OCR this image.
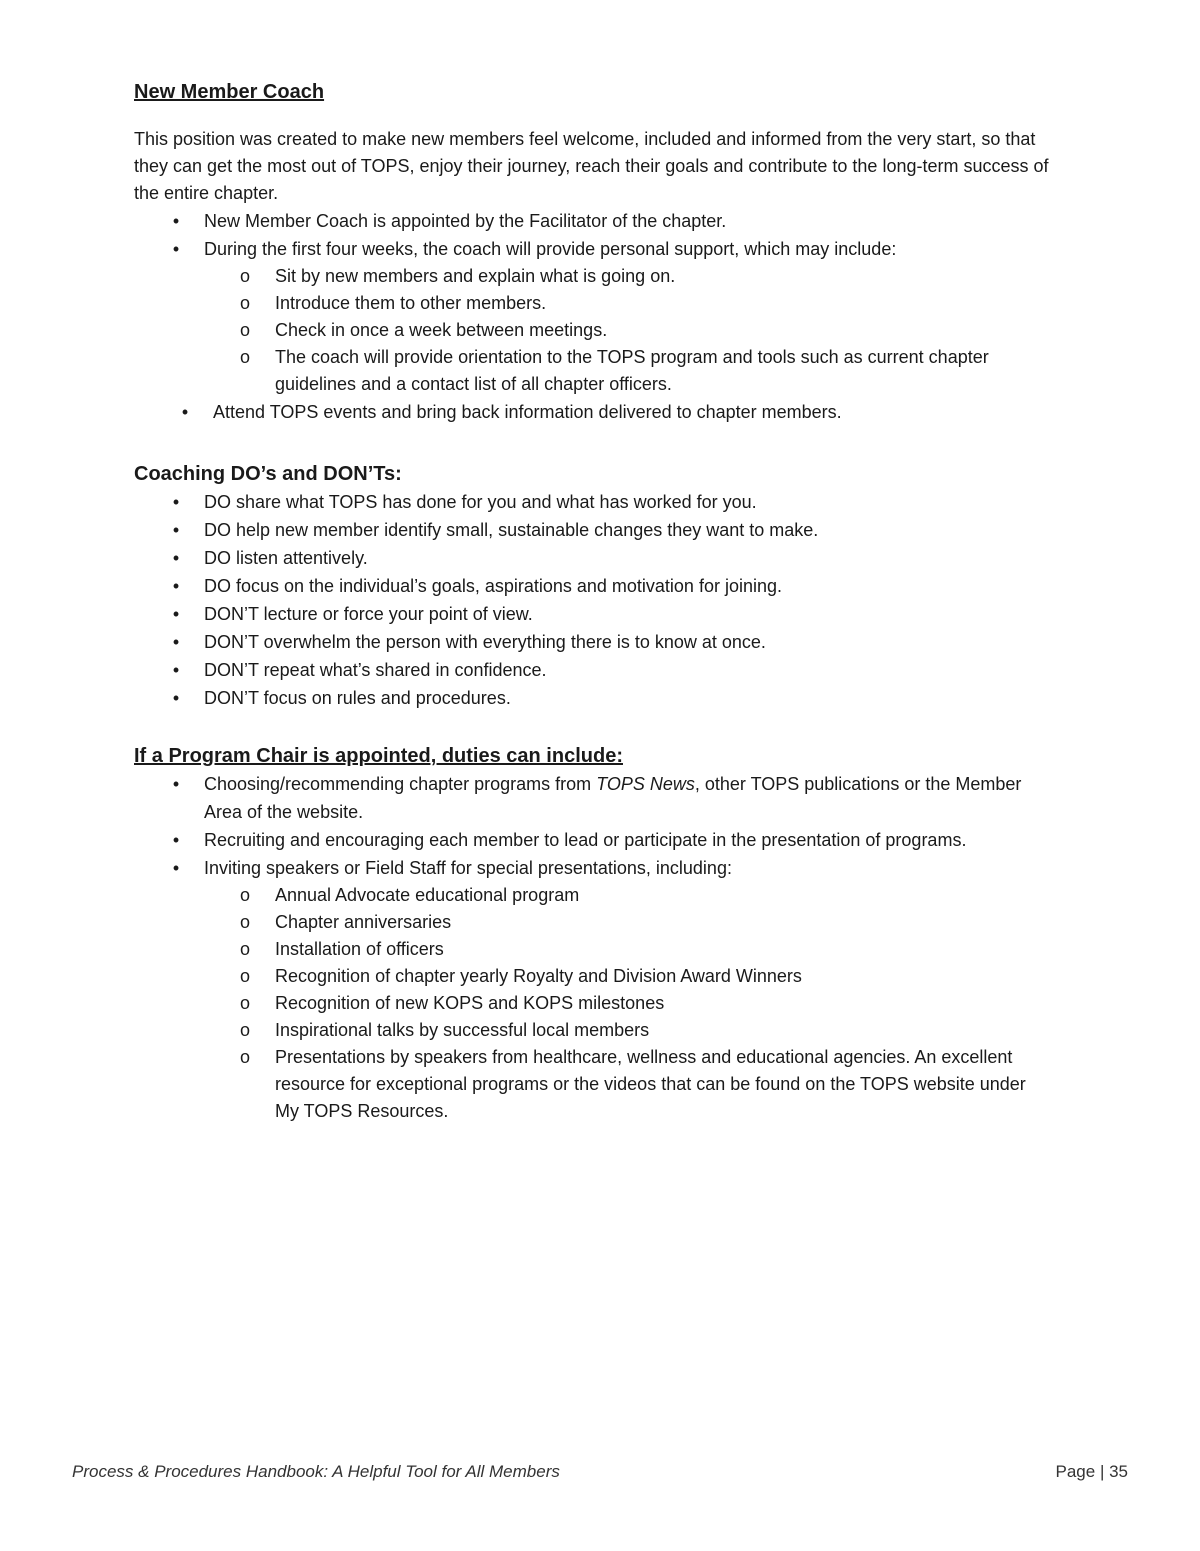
New Member Coach

This position was created to make new members feel welcome, included and informed from the very start, so that they can get the most out of TOPS, enjoy their journey, reach their goals and contribute to the long-term success of the entire chapter.

• New Member Coach is appointed by the Facilitator of the chapter.
• During the first four weeks, the coach will provide personal support, which may include:
o Sit by new members and explain what is going on.
o Introduce them to other members.
o Check in once a week between meetings.
o The coach will provide orientation to the TOPS program and tools such as current chapter guidelines and a contact list of all chapter officers.
• Attend TOPS events and bring back information delivered to chapter members.
Coaching DO’s and DON’Ts:
• DO share what TOPS has done for you and what has worked for you.
• DO help new member identify small, sustainable changes they want to make.
• DO listen attentively.
• DO focus on the individual’s goals, aspirations and motivation for joining.
• DON’T lecture or force your point of view.
• DON’T overwhelm the person with everything there is to know at once.
• DON’T repeat what’s shared in confidence.
• DON’T focus on rules and procedures.
If a Program Chair is appointed, duties can include:
• Choosing/recommending chapter programs from TOPS News, other TOPS publications or the Member Area of the website.
• Recruiting and encouraging each member to lead or participate in the presentation of programs.
• Inviting speakers or Field Staff for special presentations, including:
o Annual Advocate educational program
o Chapter anniversaries
o Installation of officers
o Recognition of chapter yearly Royalty and Division Award Winners
o Recognition of new KOPS and KOPS milestones
o Inspirational talks by successful local members
o Presentations by speakers from healthcare, wellness and educational agencies. An excellent resource for exceptional programs or the videos that can be found on the TOPS website under My TOPS Resources.
Process & Procedures Handbook: A Helpful Tool for All Members	Page | 35
